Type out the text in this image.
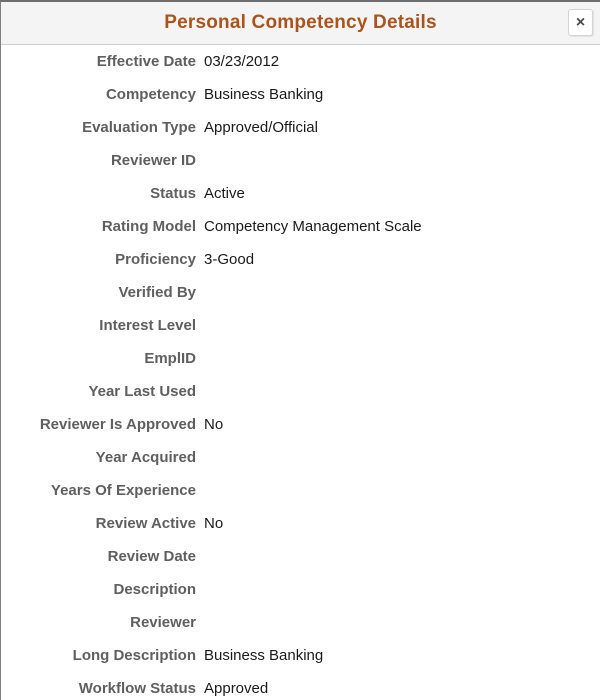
Personal Competency Details	×
Effective Date 03/23/2012
Competency Business Banking
Evaluation Type Approved/Official
Reviewer ID
Status Active
Rating Model Competency Management Scale
Proficiency 3-Good
Verified By
Interest Level
EmplID
Year Last Used
Reviewer Is Approved No
Year Acquired
Years Of Experience
Review Active No
Review Date
Description
Reviewer
Long Description Business Banking
Workflow Status Approved
